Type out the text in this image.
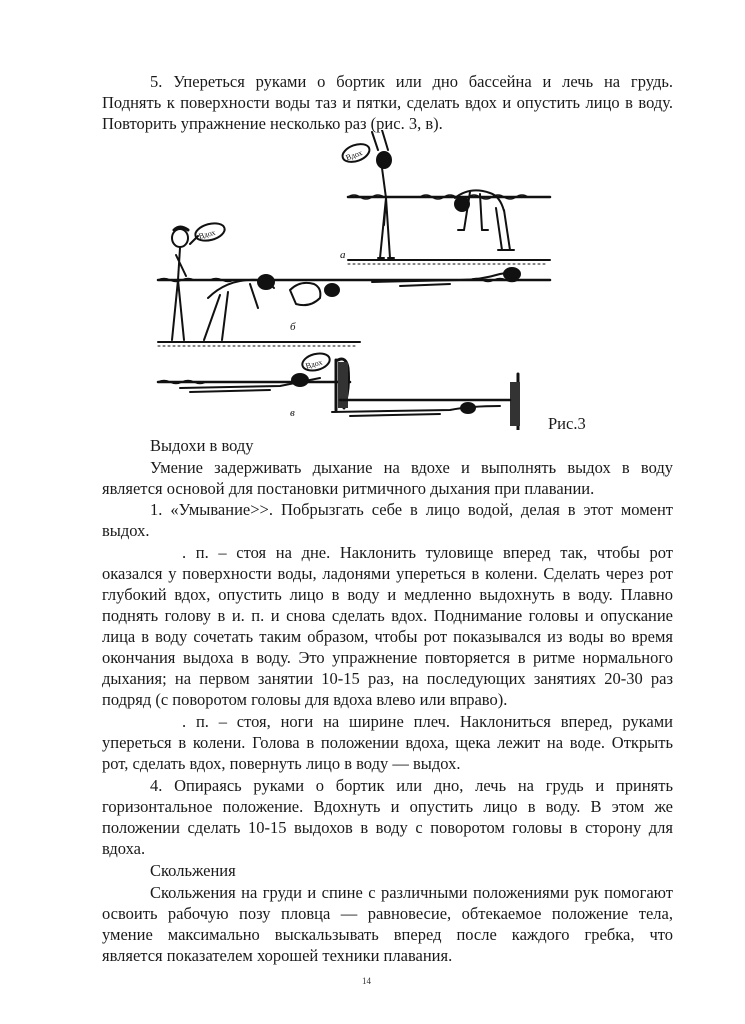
5. Упереться руками о бортик или дно бассейна и лечь на грудь.
Поднять к поверхности воды таз и пятки, сделать вдох и опустить лицо в воду.
Повторить упражнение несколько раз (рис. 3, в).
Вдох
Вдох
Вдох
а
б
в
Рис.3
Выдохи в воду
Умение задерживать дыхание на вдохе и выполнять выдох в воду
является основой для постановки ритмичного дыхания при плавании.
1. «Умывание>>. Побрызгать себе в лицо водой, делая в этот момент
выдох.
. п. – стоя на дне. Наклонить туловище вперед так, чтобы рот
оказался у поверхности воды, ладонями упереться в колени. Сделать через рот
глубокий вдох, опустить лицо в воду и медленно выдохнуть в воду. Плавно
поднять голову в и. п. и снова сделать вдох. Поднимание головы и опускание
лица в воду сочетать таким образом, чтобы рот показывался из воды во время
окончания выдоха в воду. Это упражнение повторяется в ритме нормального
дыхания; на первом занятии 10-15 раз, на последующих занятиях 20-30 раз
подряд (с поворотом головы для вдоха влево или вправо).
. п. – стоя, ноги на ширине плеч. Наклониться вперед, руками
упереться в колени. Голова в положении вдоха, щека лежит на воде. Открыть
рот, сделать вдох, повернуть лицо в воду — выдох.
4. Опираясь руками о бортик или дно, лечь на грудь и принять
горизонтальное положение. Вдохнуть и опустить лицо в воду. В этом же
положении сделать 10-15 выдохов в воду с поворотом головы в сторону для
вдоха.
Скольжения
Скольжения на груди и спине с различными положениями рук помогают
освоить рабочую позу пловца — равновесие, обтекаемое положение тела,
умение максимально выскальзывать вперед после каждого гребка, что
является показателем хорошей техники плавания.
14
